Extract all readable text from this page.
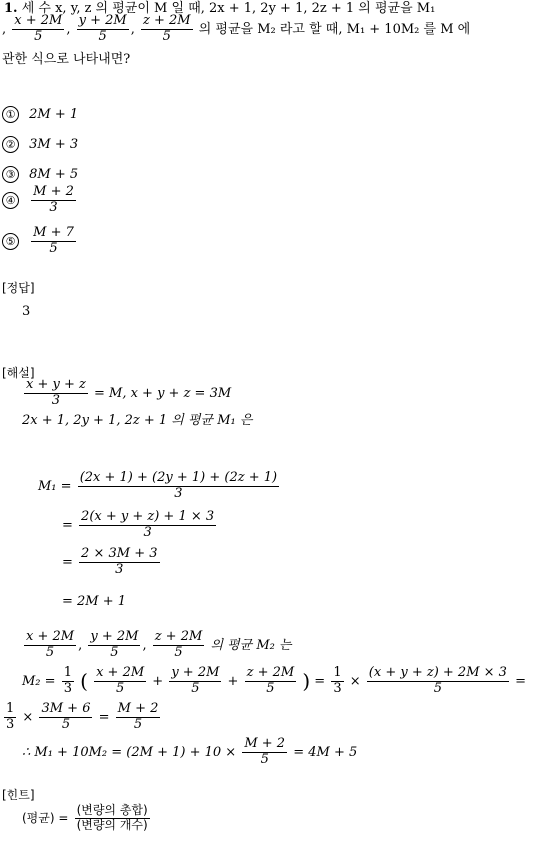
1. 세 수 x, y, z 의 평균이 M 일 때, 2x + 1, 2y + 1, 2z + 1 의 평균을 M₁
, $\frac{x + 2M}{5}$ , $\frac{y + 2M}{5}$ , $\frac{z + 2M}{5}$ 의 평균을 M₂ 라고 할 때, M₁ + 10M₂ 를 M 에
관한 식으로 나타내면?
① 2M + 1
② 3M + 3
③ 8M + 5
④ $\frac{M + 2}{3}$
⑤ $\frac{M + 7}{5}$
[정답]
3
[해설]
$\frac{x + y + z}{3} = M$, x + y + z = 3M
2x + 1, 2y + 1, 2z + 1 의 평균 M₁ 은
$M_1 = \frac{(2x + 1) + (2y + 1) + (2z + 1)}{3}$
= $\frac{2(x + y + z) + 1 \times 3}{3}$
= $\frac{2 \times 3M + 3}{3}$
= 2M + 1
$\frac{x + 2M}{5}$ , $\frac{y + 2M}{5}$ , $\frac{z + 2M}{5}$ 의 평균 M₂ 는
$M_2 = \frac{1}{3}$ ( $\frac{x + 2M}{5} + \frac{y + 2M}{5} + \frac{z + 2M}{5}$ ) = $\frac{1}{3} \times \frac{(x + y + z) + 2M \times 3}{5}$ =
$\frac{1}{3} \times \frac{3M + 6}{5} = \frac{M + 2}{5}$
∴ $M_1 + 10M_2 = (2M + 1) + 10 \times \frac{M + 2}{5} = 4M + 5$
[힌트]
(평균) = $\frac{\text{(변량의 총합)}}{\text{(변량의 개수)}}$
